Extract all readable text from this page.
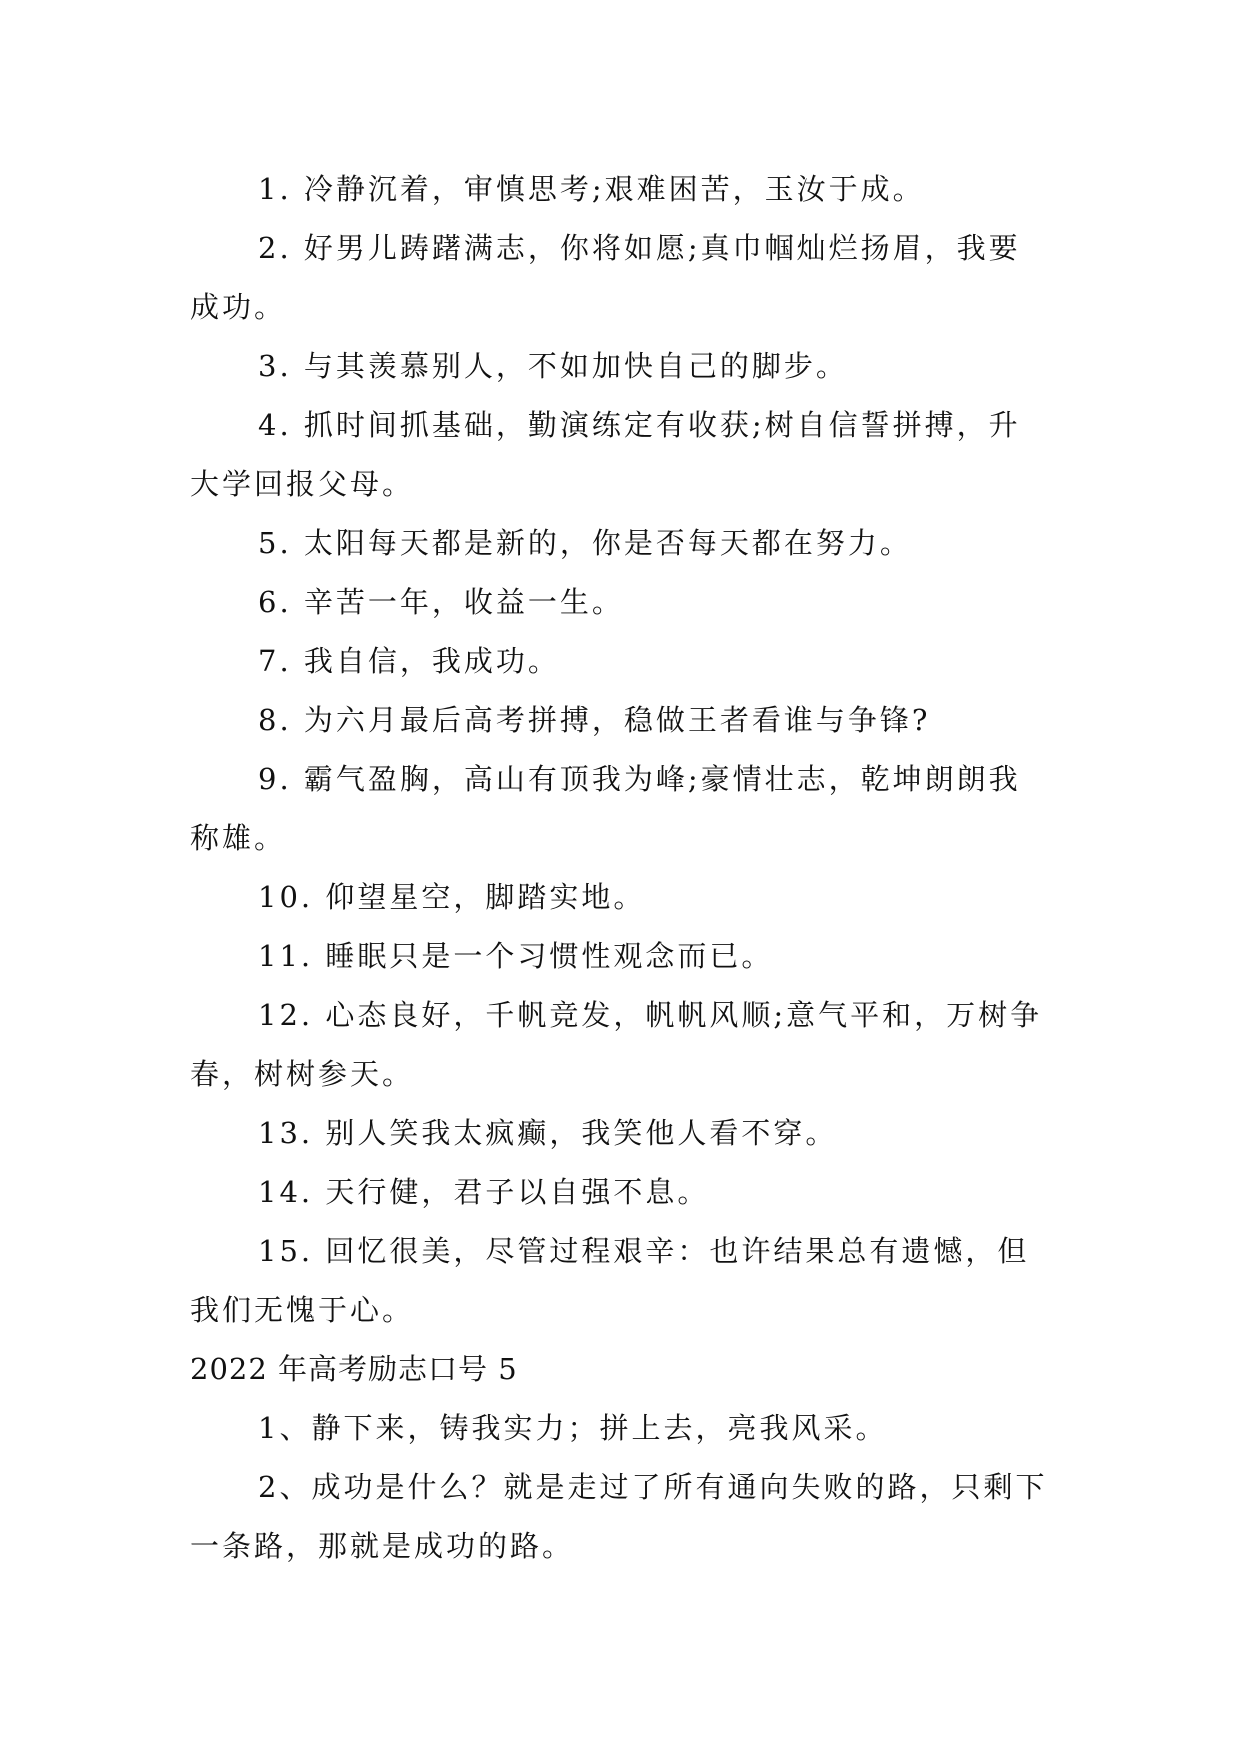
1. 冷静沉着，审慎思考;艰难困苦，玉汝于成。

2. 好男儿踌躇满志，你将如愿;真巾帼灿烂扬眉，我要成功。

3. 与其羡慕别人，不如加快自己的脚步。

4. 抓时间抓基础，勤演练定有收获;树自信誓拼搏，升大学回报父母。

5. 太阳每天都是新的，你是否每天都在努力。

6. 辛苦一年，收益一生。

7. 我自信，我成功。

8. 为六月最后高考拼搏，稳做王者看谁与争锋?

9. 霸气盈胸，高山有顶我为峰;豪情壮志，乾坤朗朗我称雄。

10. 仰望星空，脚踏实地。

11. 睡眠只是一个习惯性观念而已。

12. 心态良好，千帆竞发，帆帆风顺;意气平和，万树争春，树树参天。

13. 别人笑我太疯癫，我笑他人看不穿。

14. 天行健，君子以自强不息。

15. 回忆很美，尽管过程艰辛：也许结果总有遗憾，但我们无愧于心。

2022 年高考励志口号 5

1、静下来，铸我实力；拼上去，亮我风采。

2、成功是什么？就是走过了所有通向失败的路，只剩下一条路，那就是成功的路。
